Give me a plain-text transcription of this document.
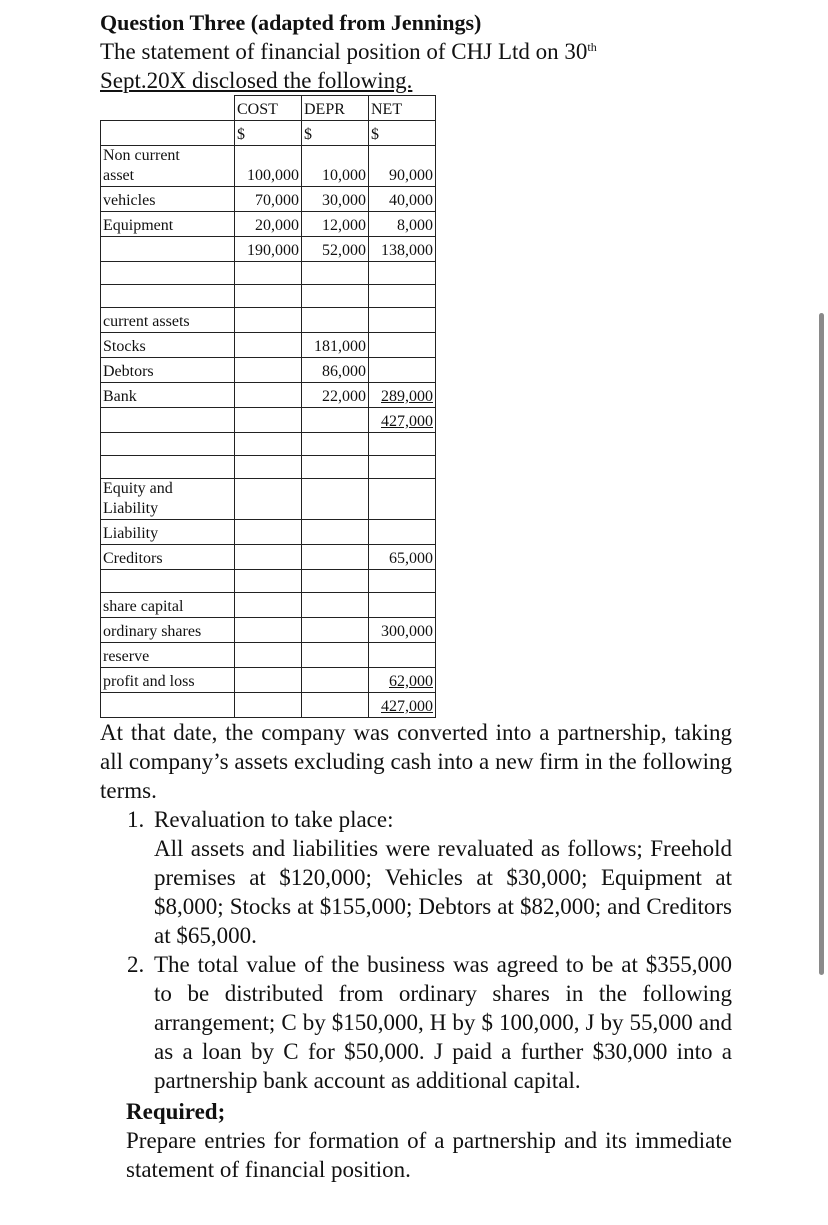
Question Three (adapted from Jennings)

The statement of financial position of CHJ Ltd on 30th
Sept.20X disclosed the following.

	COST	DEPR	NET
	$	$	$
Non current
asset	100,000	10,000	90,000
vehicles	70,000	30,000	40,000
Equipment	20,000	12,000	8,000
	190,000	52,000	138,000

current assets			
Stocks		181,000	
Debtors		86,000	
Bank		22,000	289,000
			427,000

Equity and
Liability			
Liability			
Creditors			65,000

share capital			
ordinary shares			300,000
reserve			
profit and loss			62,000
			427,000

At that date, the company was converted into a partnership, taking all company’s assets excluding cash into a new firm in the following terms.

1. Revaluation to take place:
All assets and liabilities were revaluated as follows; Freehold premises at $120,000; Vehicles at $30,000; Equipment at $8,000; Stocks at $155,000; Debtors at $82,000; and Creditors at $65,000.
2. The total value of the business was agreed to be at $355,000 to be distributed from ordinary shares in the following arrangement; C by $150,000, H by $ 100,000, J by 55,000 and as a loan by C for $50,000. J paid a further $30,000 into a partnership bank account as additional capital.
Required;

Prepare entries for formation of a partnership and its immediate statement of financial position.
